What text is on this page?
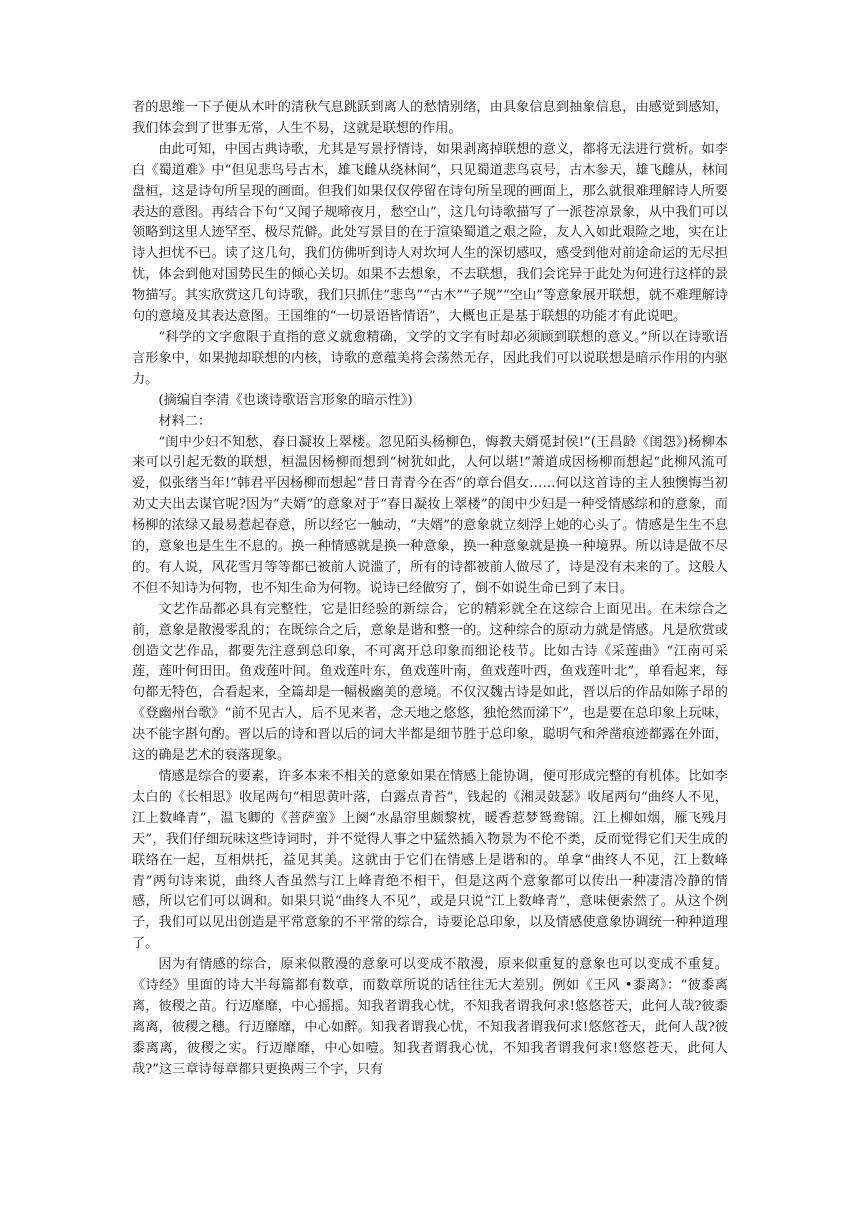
者的思维一下子便从木叶的清秋气息跳跃到离人的愁情别绪，由具象信息到抽象信息，由感觉到感知，我们体会到了世事无常，人生不易，这就是联想的作用。

由此可知，中国古典诗歌，尤其是写景抒情诗，如果剥离掉联想的意义，都将无法进行赏析。如李白《蜀道难》中“但见悲鸟号古木，雄飞雌从绕林间”，只见蜀道悲鸟哀号，古木参天，雄飞雌从，林间盘桓，这是诗句所呈现的画面。但我们如果仅仅停留在诗句所呈现的画面上，那么就很难理解诗人所要表达的意图。再结合下句“又闻子规啼夜月，愁空山”，这几句诗歌描写了一派苍凉景象，从中我们可以领略到这里人迹罕至、极尽荒僻。此处写景目的在于渲染蜀道之艰之险，友人入如此艰险之地，实在让诗人担忧不已。读了这几句，我们仿佛听到诗人对坎坷人生的深切感叹，感受到他对前途命运的无尽担忧，体会到他对国势民生的倾心关切。如果不去想象，不去联想，我们会诧异于此处为何进行这样的景物描写。其实欣赏这几句诗歌，我们只抓住“悲鸟”“古木”“子规”“空山”等意象展开联想，就不难理解诗句的意境及其表达意图。王国维的“一切景语皆情语”，大概也正是基于联想的功能才有此说吧。

“科学的文字愈限于直指的意义就愈精确，文学的文字有时却必须顾到联想的意义。”所以在诗歌语言形象中，如果抛却联想的内核，诗歌的意蕴美将会荡然无存，因此我们可以说联想是暗示作用的内驱力。

(摘编自李清《也谈诗歌语言形象的暗示性》)

材料二：

“闺中少妇不知愁，春日凝妆上翠楼。忽见陌头杨柳色，悔教夫婿觅封侯!”(王昌龄《闺怨》)杨柳本来可以引起无数的联想，桓温因杨柳而想到“树犹如此，人何以堪!”萧道成因杨柳而想起“此柳风流可爱，似张绪当年!”韩君平因杨柳而想起“昔日青青今在否”的章台倡女……何以这首诗的主人独懊悔当初劝丈夫出去谋官呢?因为“夫婿”的意象对于“春日凝妆上翠楼”的闺中少妇是一种受情感综和的意象，而杨柳的浓绿又最易惹起春意，所以经它一触动，“夫婿”的意象就立刻浮上她的心头了。情感是生生不息的，意象也是生生不息的。换一种情感就是换一种意象，换一种意象就是换一种境界。所以诗是做不尽的。有人说，风花雪月等等都已被前人说滥了，所有的诗都被前人做尽了，诗是没有未来的了。这般人不但不知诗为何物，也不知生命为何物。说诗已经做穷了，倒不如说生命已到了末日。

文艺作品都必具有完整性，它是旧经验的新综合，它的精彩就全在这综合上面见出。在未综合之前，意象是散漫零乱的；在既综合之后，意象是谐和整一的。这种综合的原动力就是情感。凡是欣赏或创造文艺作品，都要先注意到总印象，不可离开总印象而细论枝节。比如古诗《采莲曲》“江南可采莲，莲叶何田田。鱼戏莲叶间。鱼戏莲叶东，鱼戏莲叶南，鱼戏莲叶西，鱼戏莲叶北”，单看起来，每句都无特色，合看起来，全篇却是一幅极幽美的意境。不仅汉魏古诗是如此，晋以后的作品如陈子昂的《登幽州台歌》“前不见古人，后不见来者，念天地之悠悠，独怆然而涕下”，也是要在总印象上玩味，决不能字斟句酌。晋以后的诗和晋以后的词大半都是细节胜于总印象，聪明气和斧凿痕迹都露在外面，这的确是艺术的衰落现象。

情感是综合的要素，许多本来不相关的意象如果在情感上能协调，便可形成完整的有机体。比如李太白的《长相思》收尾两句“相思黄叶落，白露点青苔”，钱起的《湘灵鼓瑟》收尾两句“曲终人不见，江上数峰青”，温飞卿的《菩萨蛮》上阕“水晶帘里颇黎枕，暖香惹梦鸳鸯锦。江上柳如烟，雁飞残月天”，我们仔细玩味这些诗词时，并不觉得人事之中猛然插入物景为不伦不类，反而觉得它们天生成的联络在一起，互相烘托，益见其美。这就由于它们在情感上是谐和的。单拿“曲终人不见，江上数峰青”两句诗来说，曲终人杳虽然与江上峰青绝不相干，但是这两个意象都可以传出一种凄清冷静的情感，所以它们可以调和。如果只说“曲终人不见”，或是只说“江上数峰青”，意味便索然了。从这个例子，我们可以见出创造是平常意象的不平常的综合，诗要论总印象，以及情感使意象协调统一种种道理了。

因为有情感的综合，原来似散漫的意象可以变成不散漫，原来似重复的意象也可以变成不重复。《诗经》里面的诗大半每篇都有数章，而数章所说的话往往无大差别。例如《王风 •黍离》：“彼黍离离，彼稷之苗。行迈靡靡，中心摇摇。知我者谓我心忧，不知我者谓我何求!悠悠苍天，此何人哉?彼黍离离，彼稷之穗。行迈靡靡，中心如醉。知我者谓我心忧，不知我者谓我何求!悠悠苍天，此何人哉?彼黍离离，彼稷之实。行迈靡靡，中心如噎。知我者谓我心忧，不知我者谓我何求!悠悠苍天，此何人哉?”这三章诗每章都只更换两三个字，只有
